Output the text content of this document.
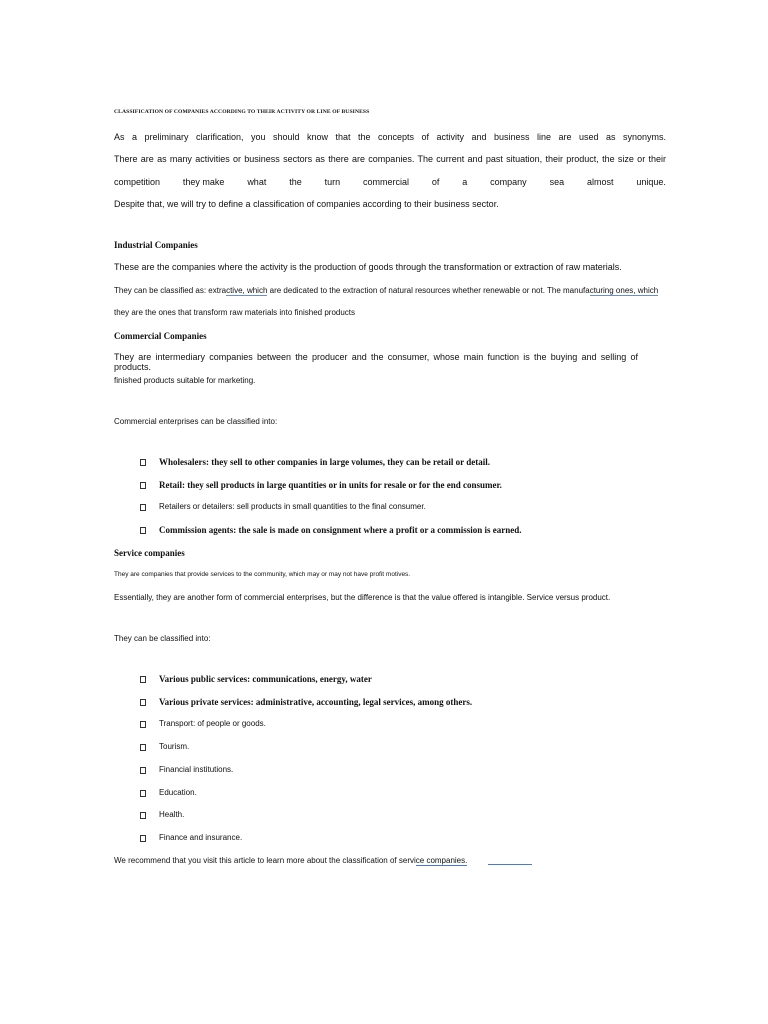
CLASSIFICATION OF COMPANIES ACCORDING TO THEIR ACTIVITY OR LINE OF BUSINESS
As a preliminary clarification, you should know that the concepts of activity and business line are used as synonyms.
There are as many activities or business sectors as there are companies. The current and past situation, their product, the size or their
competition	they make	what	the	turn	commercial	of	a	company	sea	almost	unique.
Despite that, we will try to define a classification of companies according to their business sector.
Industrial Companies
These are the companies where the activity is the production of goods through the transformation or extraction of raw materials.
They can be classified as: extractive, which are dedicated to the extraction of natural resources whether renewable or not. The manufacturing ones, which
they are the ones that transform raw materials into finished products
Commercial Companies
They are intermediary companies between the producer and the consumer, whose main function is the buying and selling of products.
finished products suitable for marketing.
Commercial enterprises can be classified into:
Wholesalers: they sell to other companies in large volumes, they can be retail or detail.
Retail: they sell products in large quantities or in units for resale or for the end consumer.
Retailers or detailers: sell products in small quantities to the final consumer.
Commission agents: the sale is made on consignment where a profit or a commission is earned.
Service companies
They are companies that provide services to the community, which may or may not have profit motives.
Essentially, they are another form of commercial enterprises, but the difference is that the value offered is intangible. Service versus product.
They can be classified into:
Various public services: communications, energy, water
Various private services: administrative, accounting, legal services, among others.
Transport: of people or goods.
Tourism.
Financial institutions.
Education.
Health.
Finance and insurance.
We recommend that you visit this article to learn more about the classification of service companies.
